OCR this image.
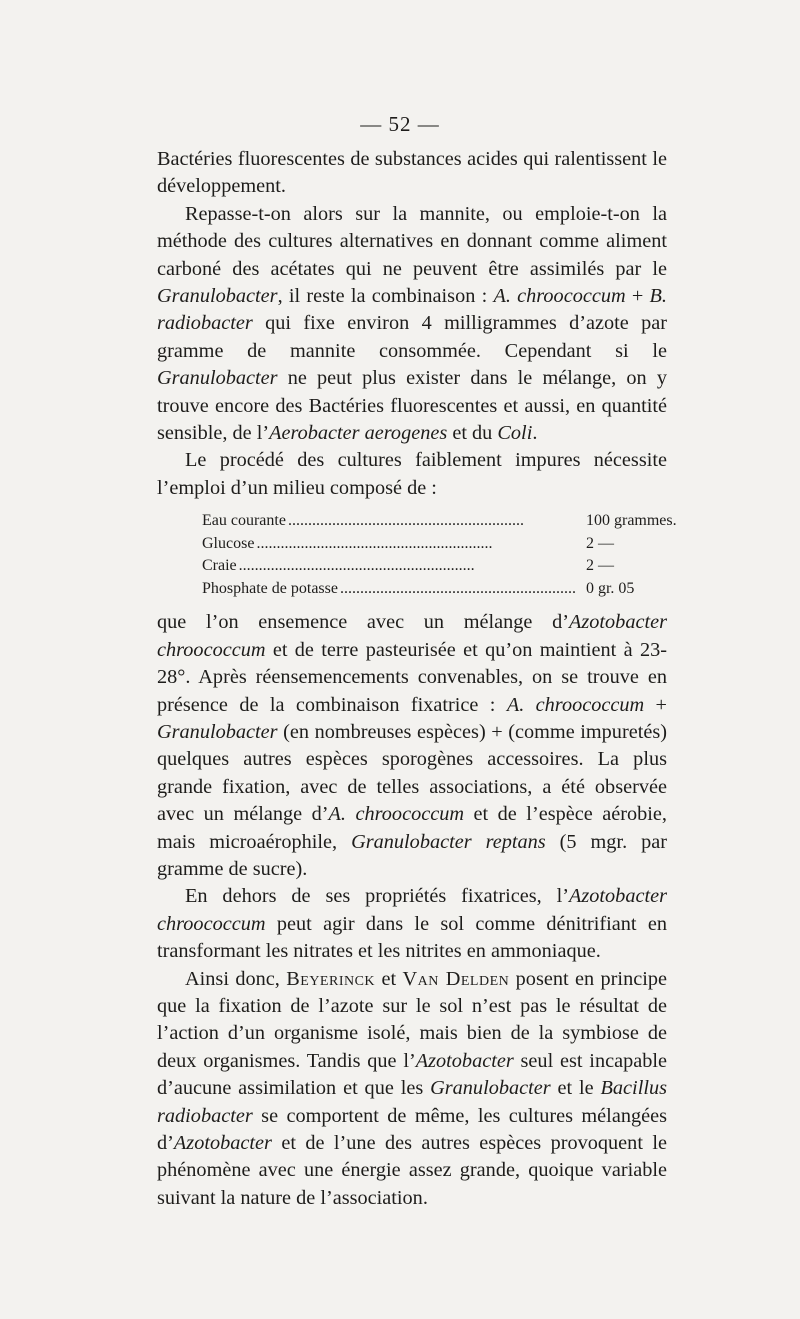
— 52 —

Bactéries fluorescentes de substances acides qui ralentissent le développement.

Repasse-t-on alors sur la mannite, ou emploie-t-on la méthode des cultures alternatives en donnant comme aliment carboné des acétates qui ne peuvent être assimilés par le Granulobacter, il reste la combinaison : A. chroococcum + B. radiobacter qui fixe environ 4 milligrammes d’azote par gramme de mannite consommée. Cependant si le Granulobacter ne peut plus exister dans le mélange, on y trouve encore des Bactéries fluorescentes et aussi, en quantité sensible, de l’Aerobacter aerogenes et du Coli.

Le procédé des cultures faiblement impures nécessite l’emploi d’un milieu composé de :

Eau courante ...........................................................	100 grammes.
Glucose ...........................................................	2 —
Craie ...........................................................	2 —
Phosphate de potasse ...........................................................	0 gr. 05

que l’on ensemence avec un mélange d’Azotobacter chroococcum et de terre pasteurisée et qu’on maintient à 23-28°. Après réensemencements convenables, on se trouve en présence de la combinaison fixatrice : A. chroococcum + Granulobacter (en nombreuses espèces) + (comme impuretés) quelques autres espèces sporogènes accessoires. La plus grande fixation, avec de telles associations, a été observée avec un mélange d’A. chroococcum et de l’espèce aérobie, mais microaérophile, Granulobacter reptans (5 mgr. par gramme de sucre).

En dehors de ses propriétés fixatrices, l’Azotobacter chroococcum peut agir dans le sol comme dénitrifiant en transformant les nitrates et les nitrites en ammoniaque.

Ainsi donc, Beyerinck et Van Delden posent en principe que la fixation de l’azote sur le sol n’est pas le résultat de l’action d’un organisme isolé, mais bien de la symbiose de deux organismes. Tandis que l’Azotobacter seul est incapable d’aucune assimilation et que les Granulobacter et le Bacillus radiobacter se comportent de même, les cultures mélangées d’Azotobacter et de l’une des autres espèces provoquent le phénomène avec une énergie assez grande, quoique variable suivant la nature de l’association.
